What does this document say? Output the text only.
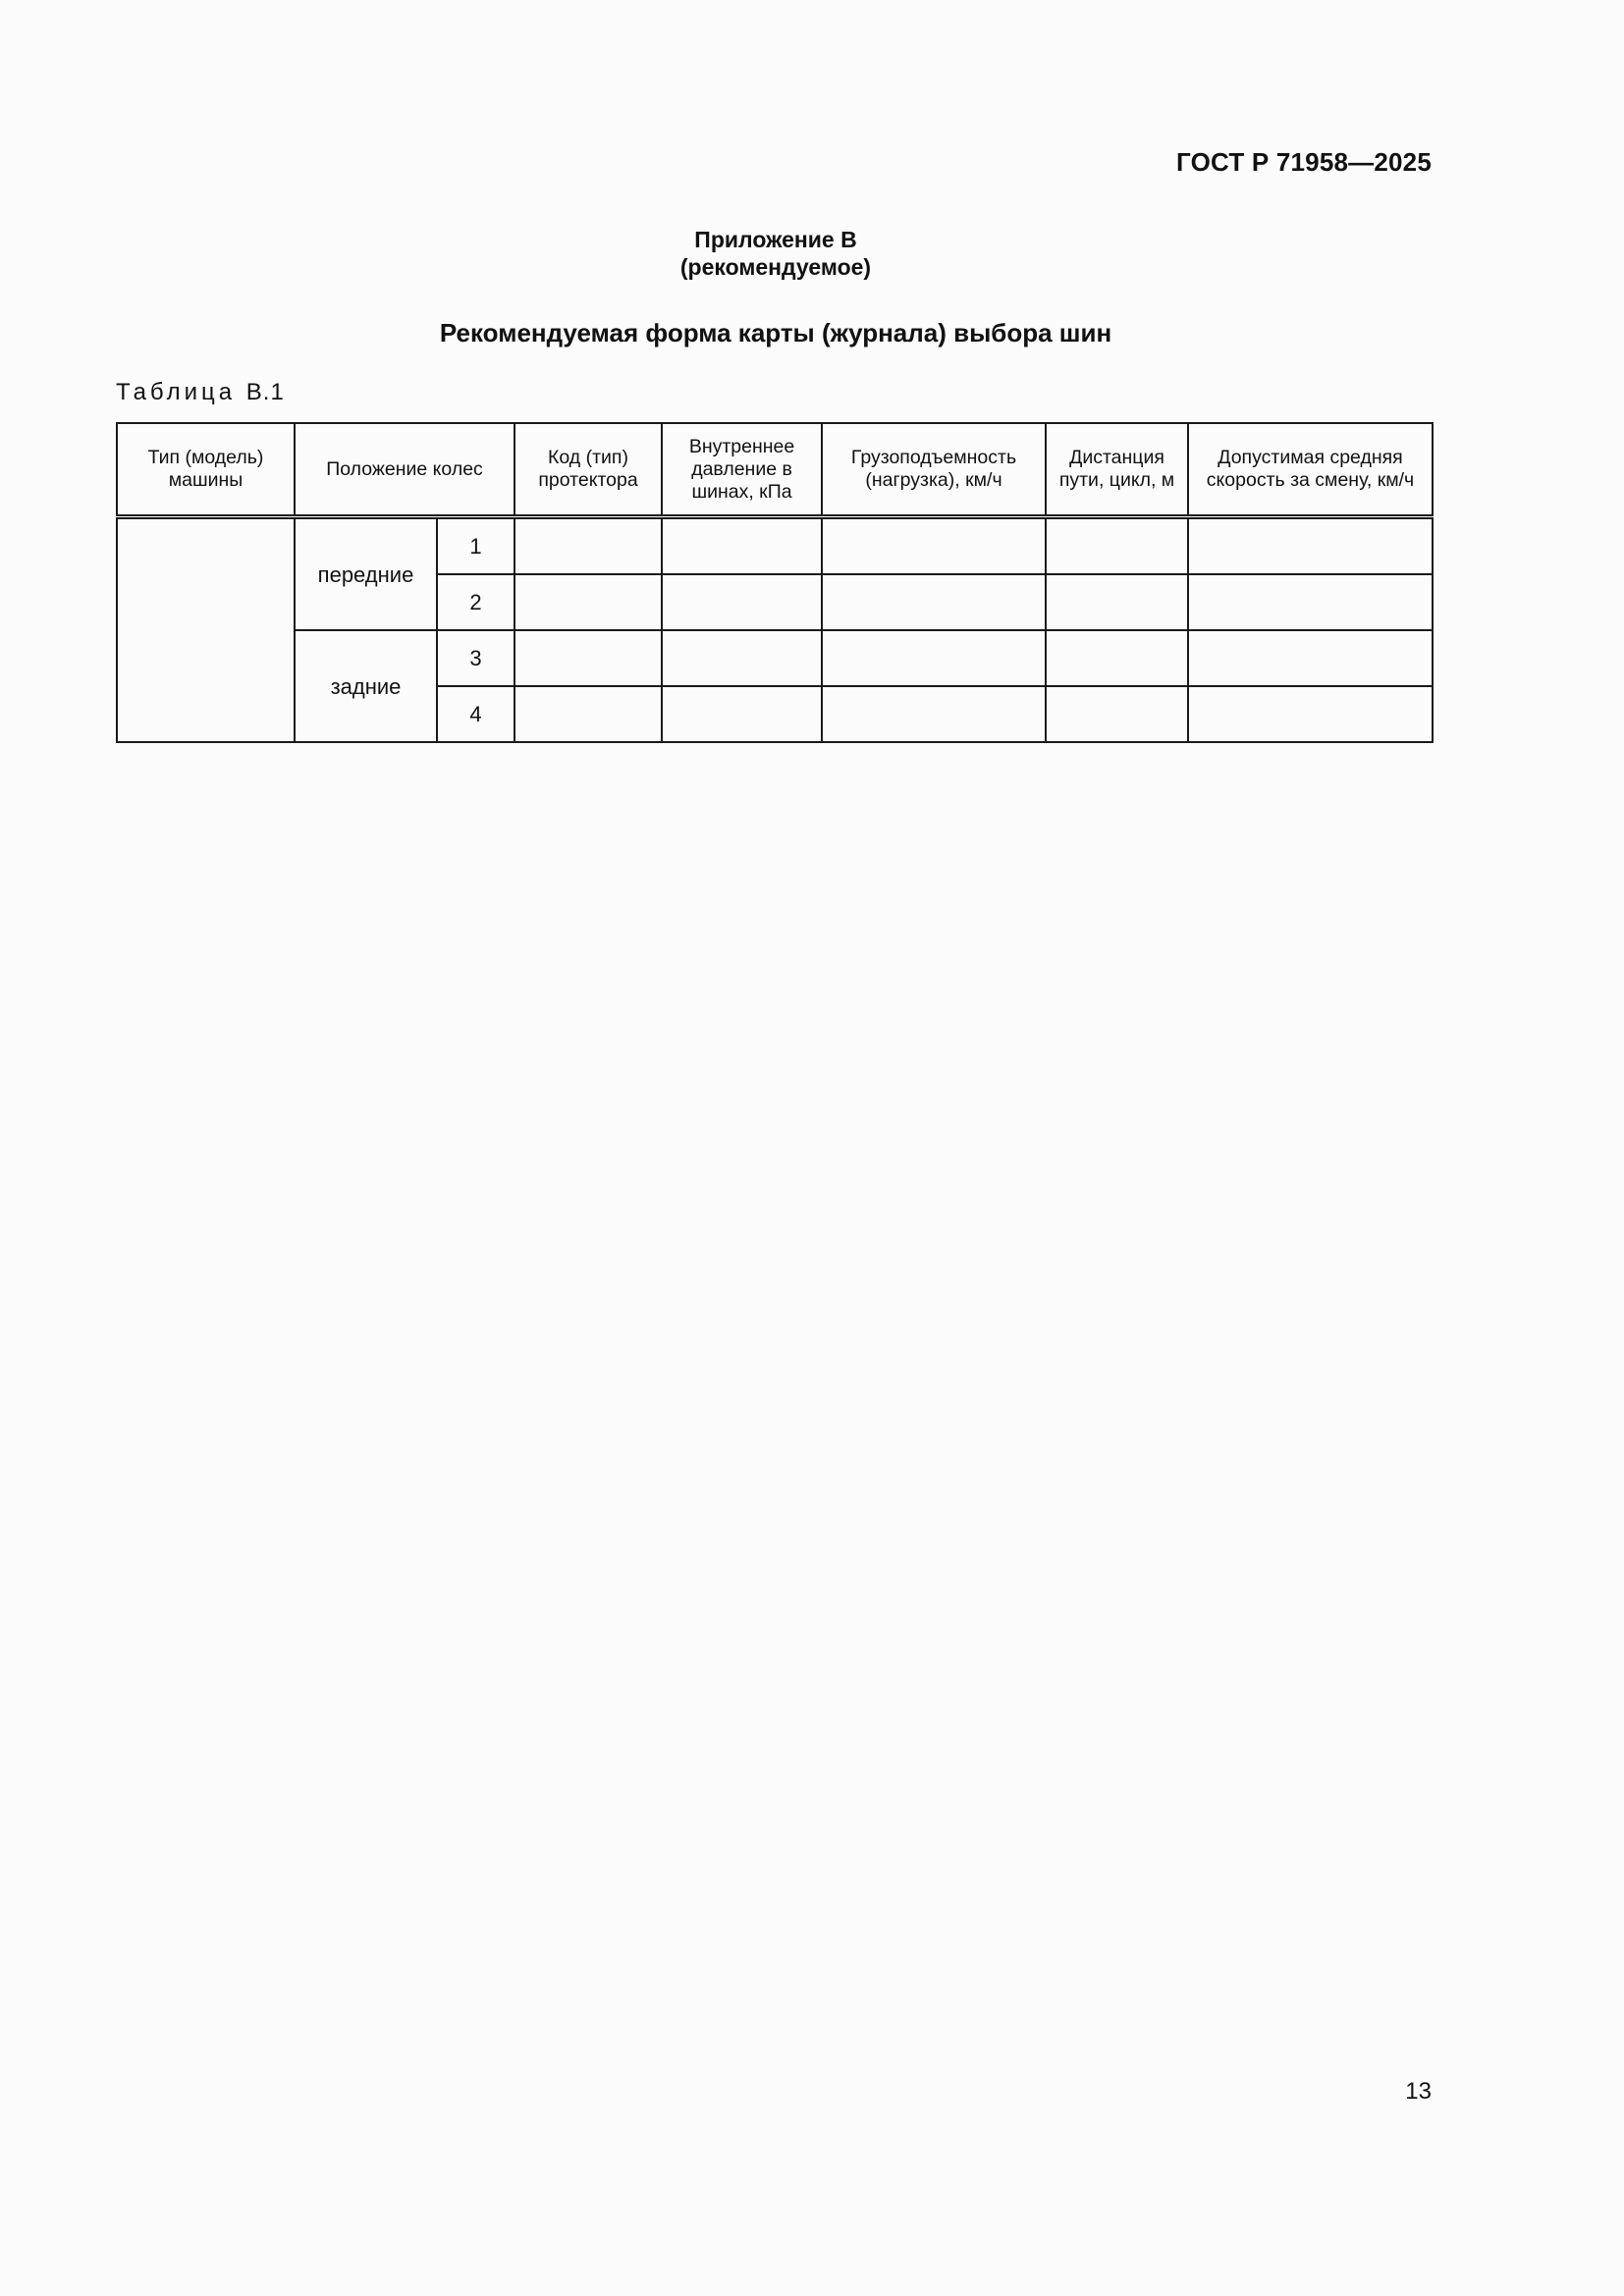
ГОСТ Р 71958—2025
Приложение В
(рекомендуемое)
Рекомендуемая форма карты (журнала) выбора шин
Таблица В.1
Тип (модель) машины	Положение колес		Код (тип) протектора	Внутреннее давление в шинах, кПа	Грузоподъемность (нагрузка), км/ч	Дистанция пути, цикл, м	Допустимая средняя скорость за смену, км/ч
	передние	1					
		2					
	задние	3					
		4					
13
